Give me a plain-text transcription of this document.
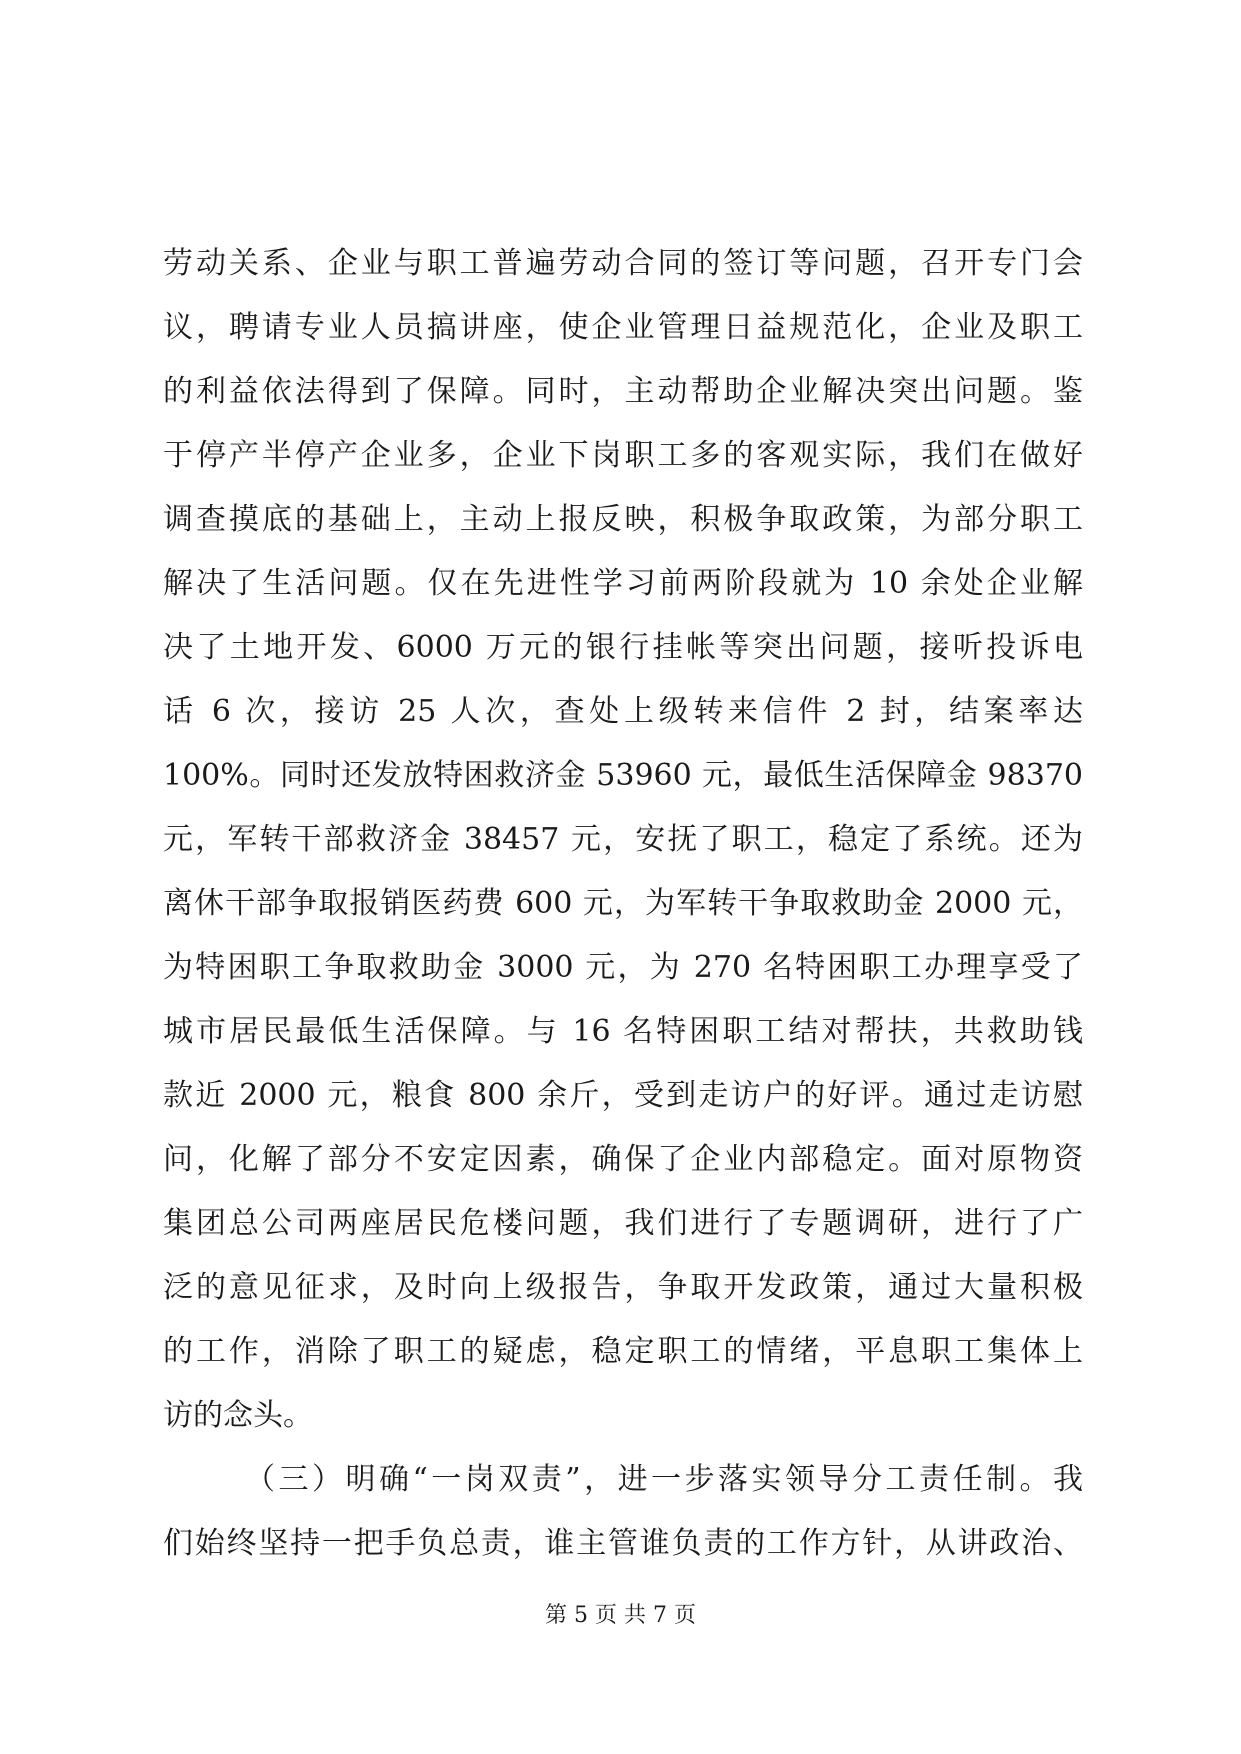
劳动关系、企业与职工普遍劳动合同的签订等问题，召开专门会
议，聘请专业人员搞讲座，使企业管理日益规范化，企业及职工
的利益依法得到了保障。同时，主动帮助企业解决突出问题。鉴
于停产半停产企业多，企业下岗职工多的客观实际，我们在做好
调查摸底的基础上，主动上报反映，积极争取政策，为部分职工
解决了生活问题。仅在先进性学习前两阶段就为 10 余处企业解
决了土地开发、6000 万元的银行挂帐等突出问题，接听投诉电
话 6 次，接访 25 人次，查处上级转来信件 2 封，结案率达
100%。同时还发放特困救济金 53960 元，最低生活保障金 98370
元，军转干部救济金 38457 元，安抚了职工，稳定了系统。还为
离休干部争取报销医药费 600 元，为军转干争取救助金 2000 元，
为特困职工争取救助金 3000 元，为 270 名特困职工办理享受了
城市居民最低生活保障。与 16 名特困职工结对帮扶，共救助钱
款近 2000 元，粮食 800 余斤，受到走访户的好评。通过走访慰
问，化解了部分不安定因素，确保了企业内部稳定。面对原物资
集团总公司两座居民危楼问题，我们进行了专题调研，进行了广
泛的意见征求，及时向上级报告，争取开发政策，通过大量积极
的工作，消除了职工的疑虑，稳定职工的情绪，平息职工集体上
访的念头。
（三）明确“一岗双责”，进一步落实领导分工责任制。我
们始终坚持一把手负总责，谁主管谁负责的工作方针，从讲政治、
第 5 页 共 7 页
